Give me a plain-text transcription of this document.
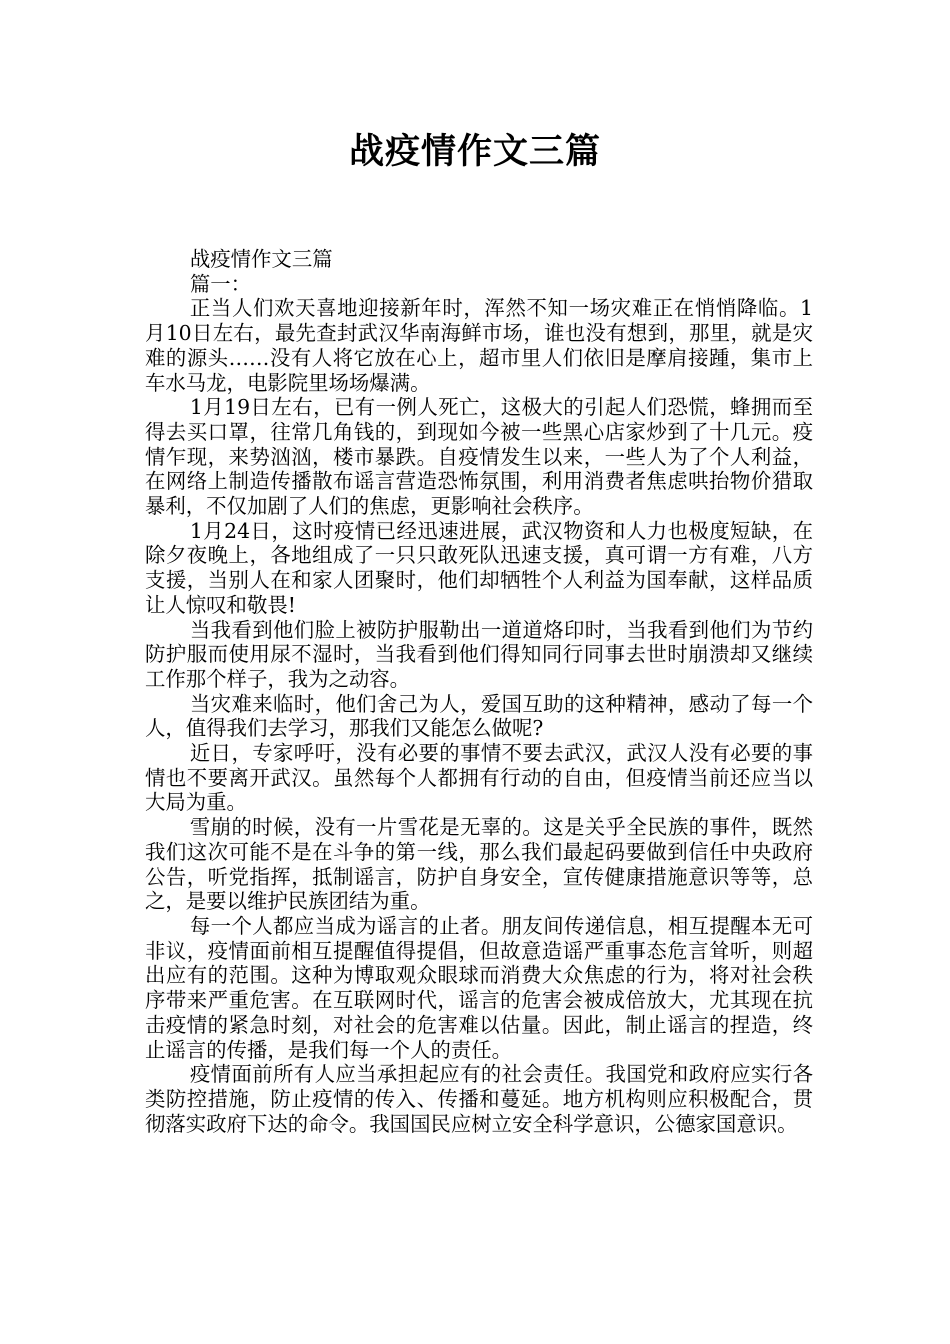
战疫情作文三篇

战疫情作文三篇

篇一：

正当人们欢天喜地迎接新年时，浑然不知一场灾难正在悄悄降临。1月10日左右，最先查封武汉华南海鲜市场，谁也没有想到，那里，就是灾难的源头……没有人将它放在心上，超市里人们依旧是摩肩接踵，集市上车水马龙，电影院里场场爆满。

1月19日左右，已有一例人死亡，这极大的引起人们恐慌，蜂拥而至得去买口罩，往常几角钱的，到现如今被一些黑心店家炒到了十几元。疫情乍现，来势汹汹，楼市暴跌。自疫情发生以来，一些人为了个人利益，在网络上制造传播散布谣言营造恐怖氛围，利用消费者焦虑哄抬物价猎取暴利，不仅加剧了人们的焦虑，更影响社会秩序。

1月24日，这时疫情已经迅速进展，武汉物资和人力也极度短缺，在除夕夜晚上，各地组成了一只只敢死队迅速支援，真可谓一方有难，八方支援，当别人在和家人团聚时，他们却牺牲个人利益为国奉献，这样品质让人惊叹和敬畏!

当我看到他们脸上被防护服勒出一道道烙印时，当我看到他们为节约防护服而使用尿不湿时，当我看到他们得知同行同事去世时崩溃却又继续工作那个样子，我为之动容。

当灾难来临时，他们舍己为人，爱国互助的这种精神，感动了每一个人，值得我们去学习，那我们又能怎么做呢?

近日，专家呼吁，没有必要的事情不要去武汉，武汉人没有必要的事情也不要离开武汉。虽然每个人都拥有行动的自由，但疫情当前还应当以大局为重。

雪崩的时候，没有一片雪花是无辜的。这是关乎全民族的事件，既然我们这次可能不是在斗争的第一线，那么我们最起码要做到信任中央政府公告，听党指挥，抵制谣言，防护自身安全，宣传健康措施意识等等，总之，是要以维护民族团结为重。

每一个人都应当成为谣言的止者。朋友间传递信息，相互提醒本无可非议，疫情面前相互提醒值得提倡，但故意造谣严重事态危言耸听，则超出应有的范围。这种为博取观众眼球而消费大众焦虑的行为，将对社会秩序带来严重危害。在互联网时代，谣言的危害会被成倍放大，尤其现在抗击疫情的紧急时刻，对社会的危害难以估量。因此，制止谣言的捏造，终止谣言的传播，是我们每一个人的责任。

疫情面前所有人应当承担起应有的社会责任。我国党和政府应实行各类防控措施，防止疫情的传入、传播和蔓延。地方机构则应积极配合，贯彻落实政府下达的命令。我国国民应树立安全科学意识，公德家国意识。
